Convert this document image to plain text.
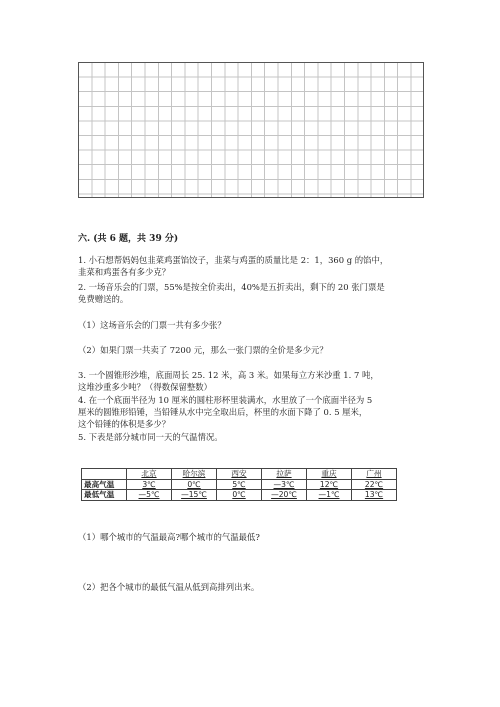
六. (共 6 题，共 39 分)
1. 小石想帮妈妈包韭菜鸡蛋馅饺子，韭菜与鸡蛋的质量比是 2：1，360 g 的馅中，
韭菜和鸡蛋各有多少克？
2. 一场音乐会的门票，55%是按全价卖出，40%是五折卖出，剩下的 20 张门票是
免费赠送的。
（1）这场音乐会的门票一共有多少张？
（2）如果门票一共卖了 7200 元，那么一张门票的全价是多少元？
3. 一个圆锥形沙堆，底面周长 25. 12 米，高 3 米。如果每立方米沙重 1. 7 吨，
这堆沙重多少吨？（得数保留整数）
4. 在一个底面半径为 10 厘米的圆柱形杯里装满水，水里放了一个底面半径为 5
厘米的圆锥形铅锤，当铅锤从水中完全取出后，杯里的水面下降了 0. 5 厘米，
这个铅锤的体积是多少？
5. 下表是部分城市同一天的气温情况。
	北京	哈尔滨	西安	拉萨	重庆	广州
最高气温	3℃	0℃	5℃	—3℃	12℃	22℃
最低气温	—5℃	—15℃	0℃	—20℃	—1℃	13℃
（1）哪个城市的气温最高?哪个城市的气温最低?
（2）把各个城市的最低气温从低到高排列出来。
